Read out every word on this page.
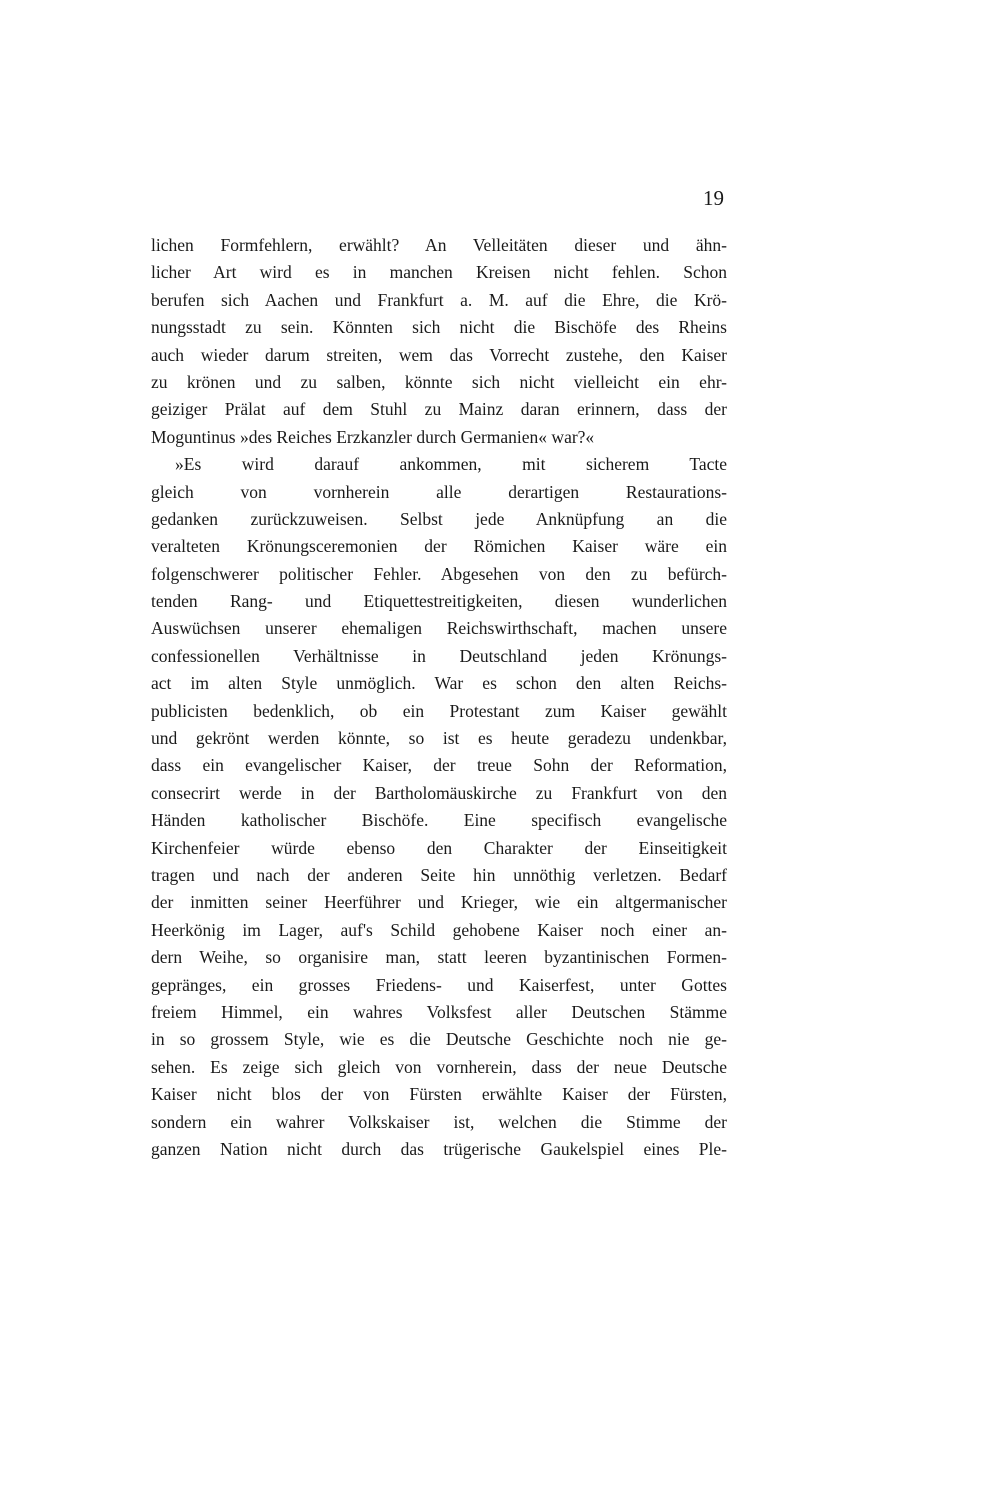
19
lichen Formfehlern, erwählt? An Velleitäten dieser und ähn-
licher Art wird es in manchen Kreisen nicht fehlen. Schon
berufen sich Aachen und Frankfurt a. M. auf die Ehre, die Krö-
nungsstadt zu sein. Könnten sich nicht die Bischöfe des Rheins
auch wieder darum streiten, wem das Vorrecht zustehe, den Kaiser
zu krönen und zu salben, könnte sich nicht vielleicht ein ehr-
geiziger Prälat auf dem Stuhl zu Mainz daran erinnern, dass der
Moguntinus »des Reiches Erzkanzler durch Germanien« war?«
»Es wird darauf ankommen, mit sicherem Tacte
gleich von vornherein alle derartigen Restaurations-
gedanken zurückzuweisen. Selbst jede Anknüpfung an die
veralteten Krönungsceremonien der Römichen Kaiser wäre ein
folgenschwerer politischer Fehler. Abgesehen von den zu befürch-
tenden Rang- und Etiquettestreitigkeiten, diesen wunderlichen
Auswüchsen unserer ehemaligen Reichswirthschaft, machen unsere
confessionellen Verhältnisse in Deutschland jeden Krönungs-
act im alten Style unmöglich. War es schon den alten Reichs-
publicisten bedenklich, ob ein Protestant zum Kaiser gewählt
und gekrönt werden könnte, so ist es heute geradezu undenkbar,
dass ein evangelischer Kaiser, der treue Sohn der Reformation,
consecrirt werde in der Bartholomäuskirche zu Frankfurt von den
Händen katholischer Bischöfe. Eine specifisch evangelische
Kirchenfeier würde ebenso den Charakter der Einseitigkeit
tragen und nach der anderen Seite hin unnöthig verletzen. Bedarf
der inmitten seiner Heerführer und Krieger, wie ein altgermanischer
Heerkönig im Lager, auf's Schild gehobene Kaiser noch einer an-
dern Weihe, so organisire man, statt leeren byzantinischen Formen-
gepränges, ein grosses Friedens- und Kaiserfest, unter Gottes
freiem Himmel, ein wahres Volksfest aller Deutschen Stämme
in so grossem Style, wie es die Deutsche Geschichte noch nie ge-
sehen. Es zeige sich gleich von vornherein, dass der neue Deutsche
Kaiser nicht blos der von Fürsten erwählte Kaiser der Fürsten,
sondern ein wahrer Volkskaiser ist, welchen die Stimme der
ganzen Nation nicht durch das trügerische Gaukelspiel eines Ple-
